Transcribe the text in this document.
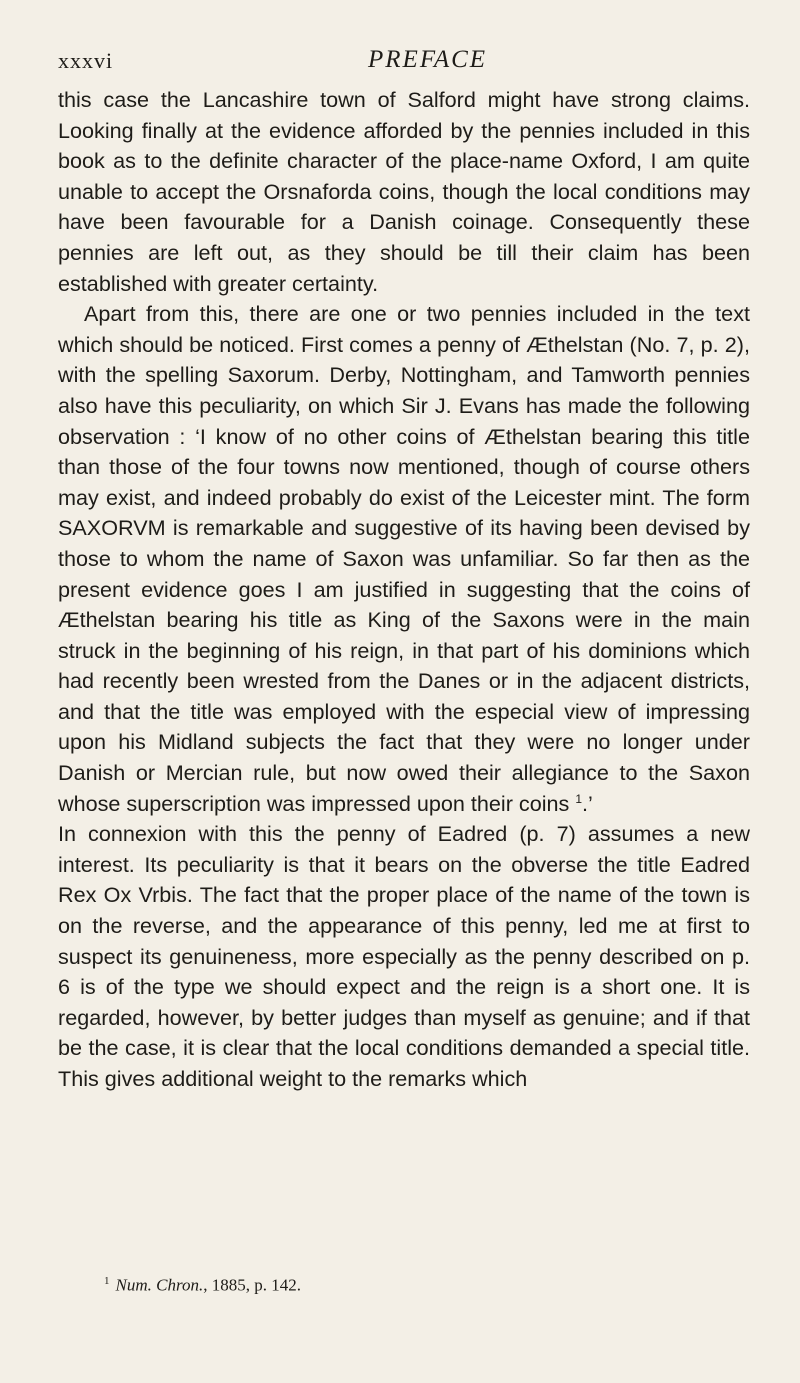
xxxvi	PREFACE

this case the Lancashire town of Salford might have strong claims. Looking finally at the evidence afforded by the pennies included in this book as to the definite character of the place-name Oxford, I am quite unable to accept the Orsnaforda coins, though the local conditions may have been favourable for a Danish coinage. Consequently these pennies are left out, as they should be till their claim has been established with greater certainty.

Apart from this, there are one or two pennies included in the text which should be noticed. First comes a penny of Æthelstan (No. 7, p. 2), with the spelling Saxorum. Derby, Nottingham, and Tamworth pennies also have this peculiarity, on which Sir J. Evans has made the following observation : ‘I know of no other coins of Æthelstan bearing this title than those of the four towns now mentioned, though of course others may exist, and indeed probably do exist of the Leicester mint. The form SAXORVM is remarkable and suggestive of its having been devised by those to whom the name of Saxon was unfamiliar. So far then as the present evidence goes I am justified in suggesting that the coins of Æthelstan bearing his title as King of the Saxons were in the main struck in the beginning of his reign, in that part of his dominions which had recently been wrested from the Danes or in the adjacent districts, and that the title was employed with the especial view of impressing upon his Midland subjects the fact that they were no longer under Danish or Mercian rule, but now owed their allegiance to the Saxon whose superscription was impressed upon their coins $^1$.’

In connexion with this the penny of Eadred (p. 7) assumes a new interest. Its peculiarity is that it bears on the obverse the title Eadred Rex Ox Vrbis. The fact that the proper place of the name of the town is on the reverse, and the appearance of this penny, led me at first to suspect its genuineness, more especially as the penny described on p. 6 is of the type we should expect and the reign is a short one. It is regarded, however, by better judges than myself as genuine; and if that be the case, it is clear that the local conditions demanded a special title. This gives additional weight to the remarks which

$^1$ Num. Chron., 1885, p. 142.
